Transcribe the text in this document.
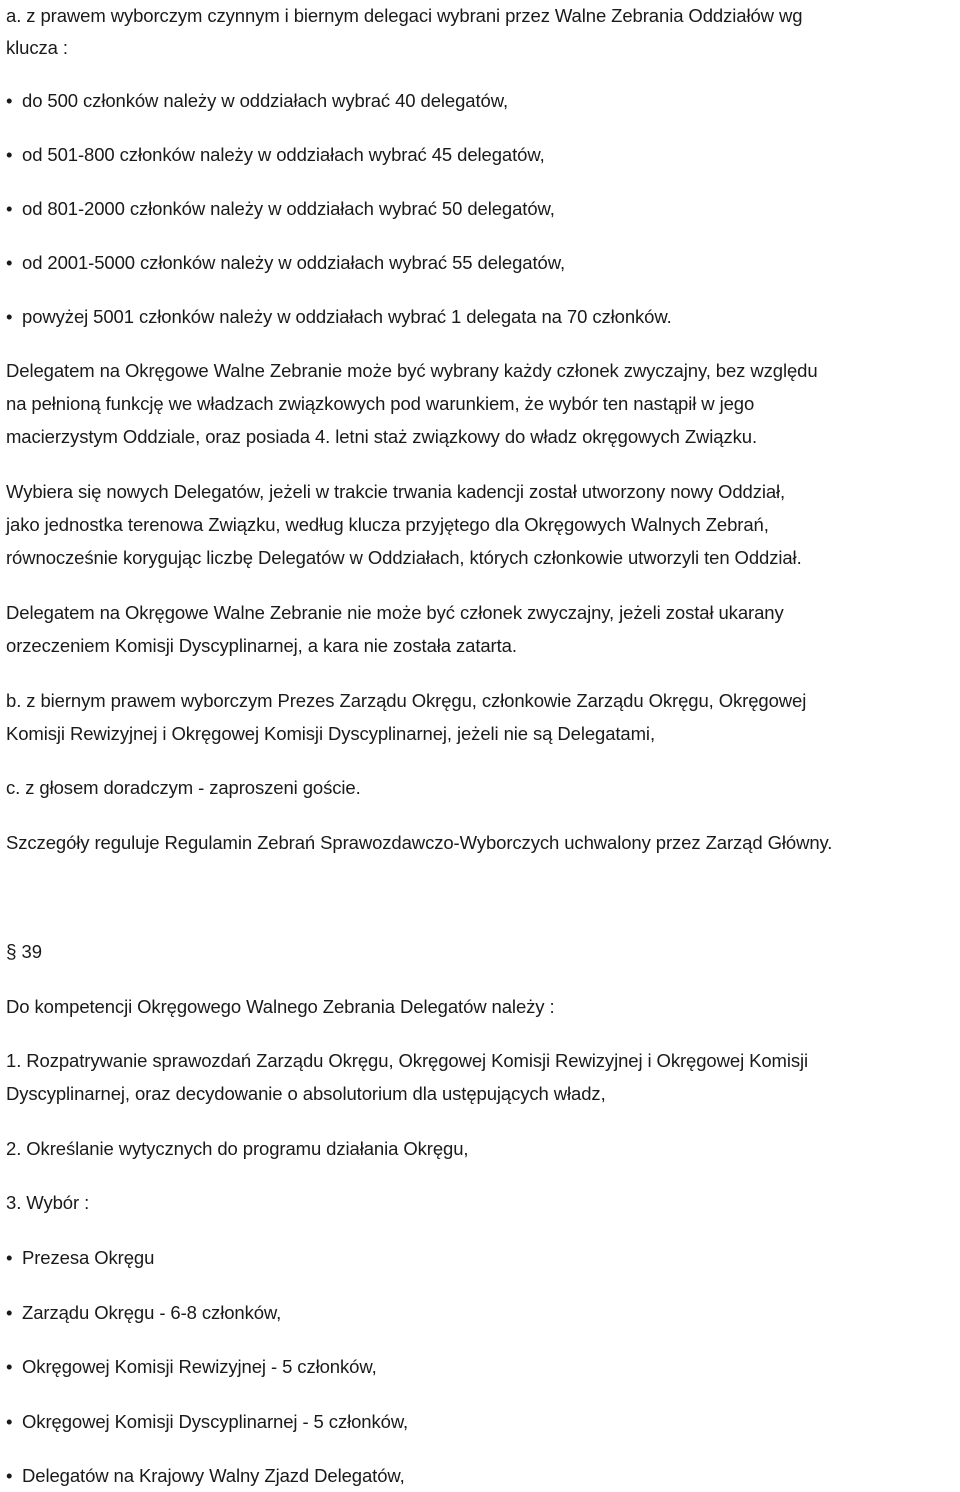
a. z prawem wyborczym czynnym i biernym delegaci wybrani przez Walne Zebrania Oddziałów wg
klucza :
• do 500 członków należy w oddziałach wybrać 40 delegatów,
• od 501-800 członków należy w oddziałach wybrać 45 delegatów,
• od 801-2000 członków należy w oddziałach wybrać 50 delegatów,
• od 2001-5000 członków należy w oddziałach wybrać 55 delegatów,
• powyżej 5001 członków należy w oddziałach wybrać 1 delegata na 70 członków.
Delegatem na Okręgowe Walne Zebranie może być wybrany każdy członek zwyczajny, bez względu
na pełnioną funkcję we władzach związkowych pod warunkiem, że wybór ten nastąpił w jego
macierzystym Oddziale, oraz posiada 4. letni staż związkowy do władz okręgowych Związku.
Wybiera się nowych Delegatów, jeżeli w trakcie trwania kadencji został utworzony nowy Oddział,
jako jednostka terenowa Związku, według klucza przyjętego dla Okręgowych Walnych Zebrań,
równocześnie korygując liczbę Delegatów w Oddziałach, których członkowie utworzyli ten Oddział.
Delegatem na Okręgowe Walne Zebranie nie może być członek zwyczajny, jeżeli został ukarany
orzeczeniem Komisji Dyscyplinarnej, a kara nie została zatarta.
b. z biernym prawem wyborczym Prezes Zarządu Okręgu, członkowie Zarządu Okręgu, Okręgowej
Komisji Rewizyjnej i Okręgowej Komisji Dyscyplinarnej, jeżeli nie są Delegatami,
c. z głosem doradczym - zaproszeni goście.
Szczegóły reguluje Regulamin Zebrań Sprawozdawczo-Wyborczych uchwalony przez Zarząd Główny.
§ 39
Do kompetencji Okręgowego Walnego Zebrania Delegatów należy :
1. Rozpatrywanie sprawozdań Zarządu Okręgu, Okręgowej Komisji Rewizyjnej i Okręgowej Komisji
Dyscyplinarnej, oraz decydowanie o absolutorium dla ustępujących władz,
2. Określanie wytycznych do programu działania Okręgu,
3. Wybór :
• Prezesa Okręgu
• Zarządu Okręgu - 6-8 członków,
• Okręgowej Komisji Rewizyjnej - 5 członków,
• Okręgowej Komisji Dyscyplinarnej - 5 członków,
• Delegatów na Krajowy Walny Zjazd Delegatów,
